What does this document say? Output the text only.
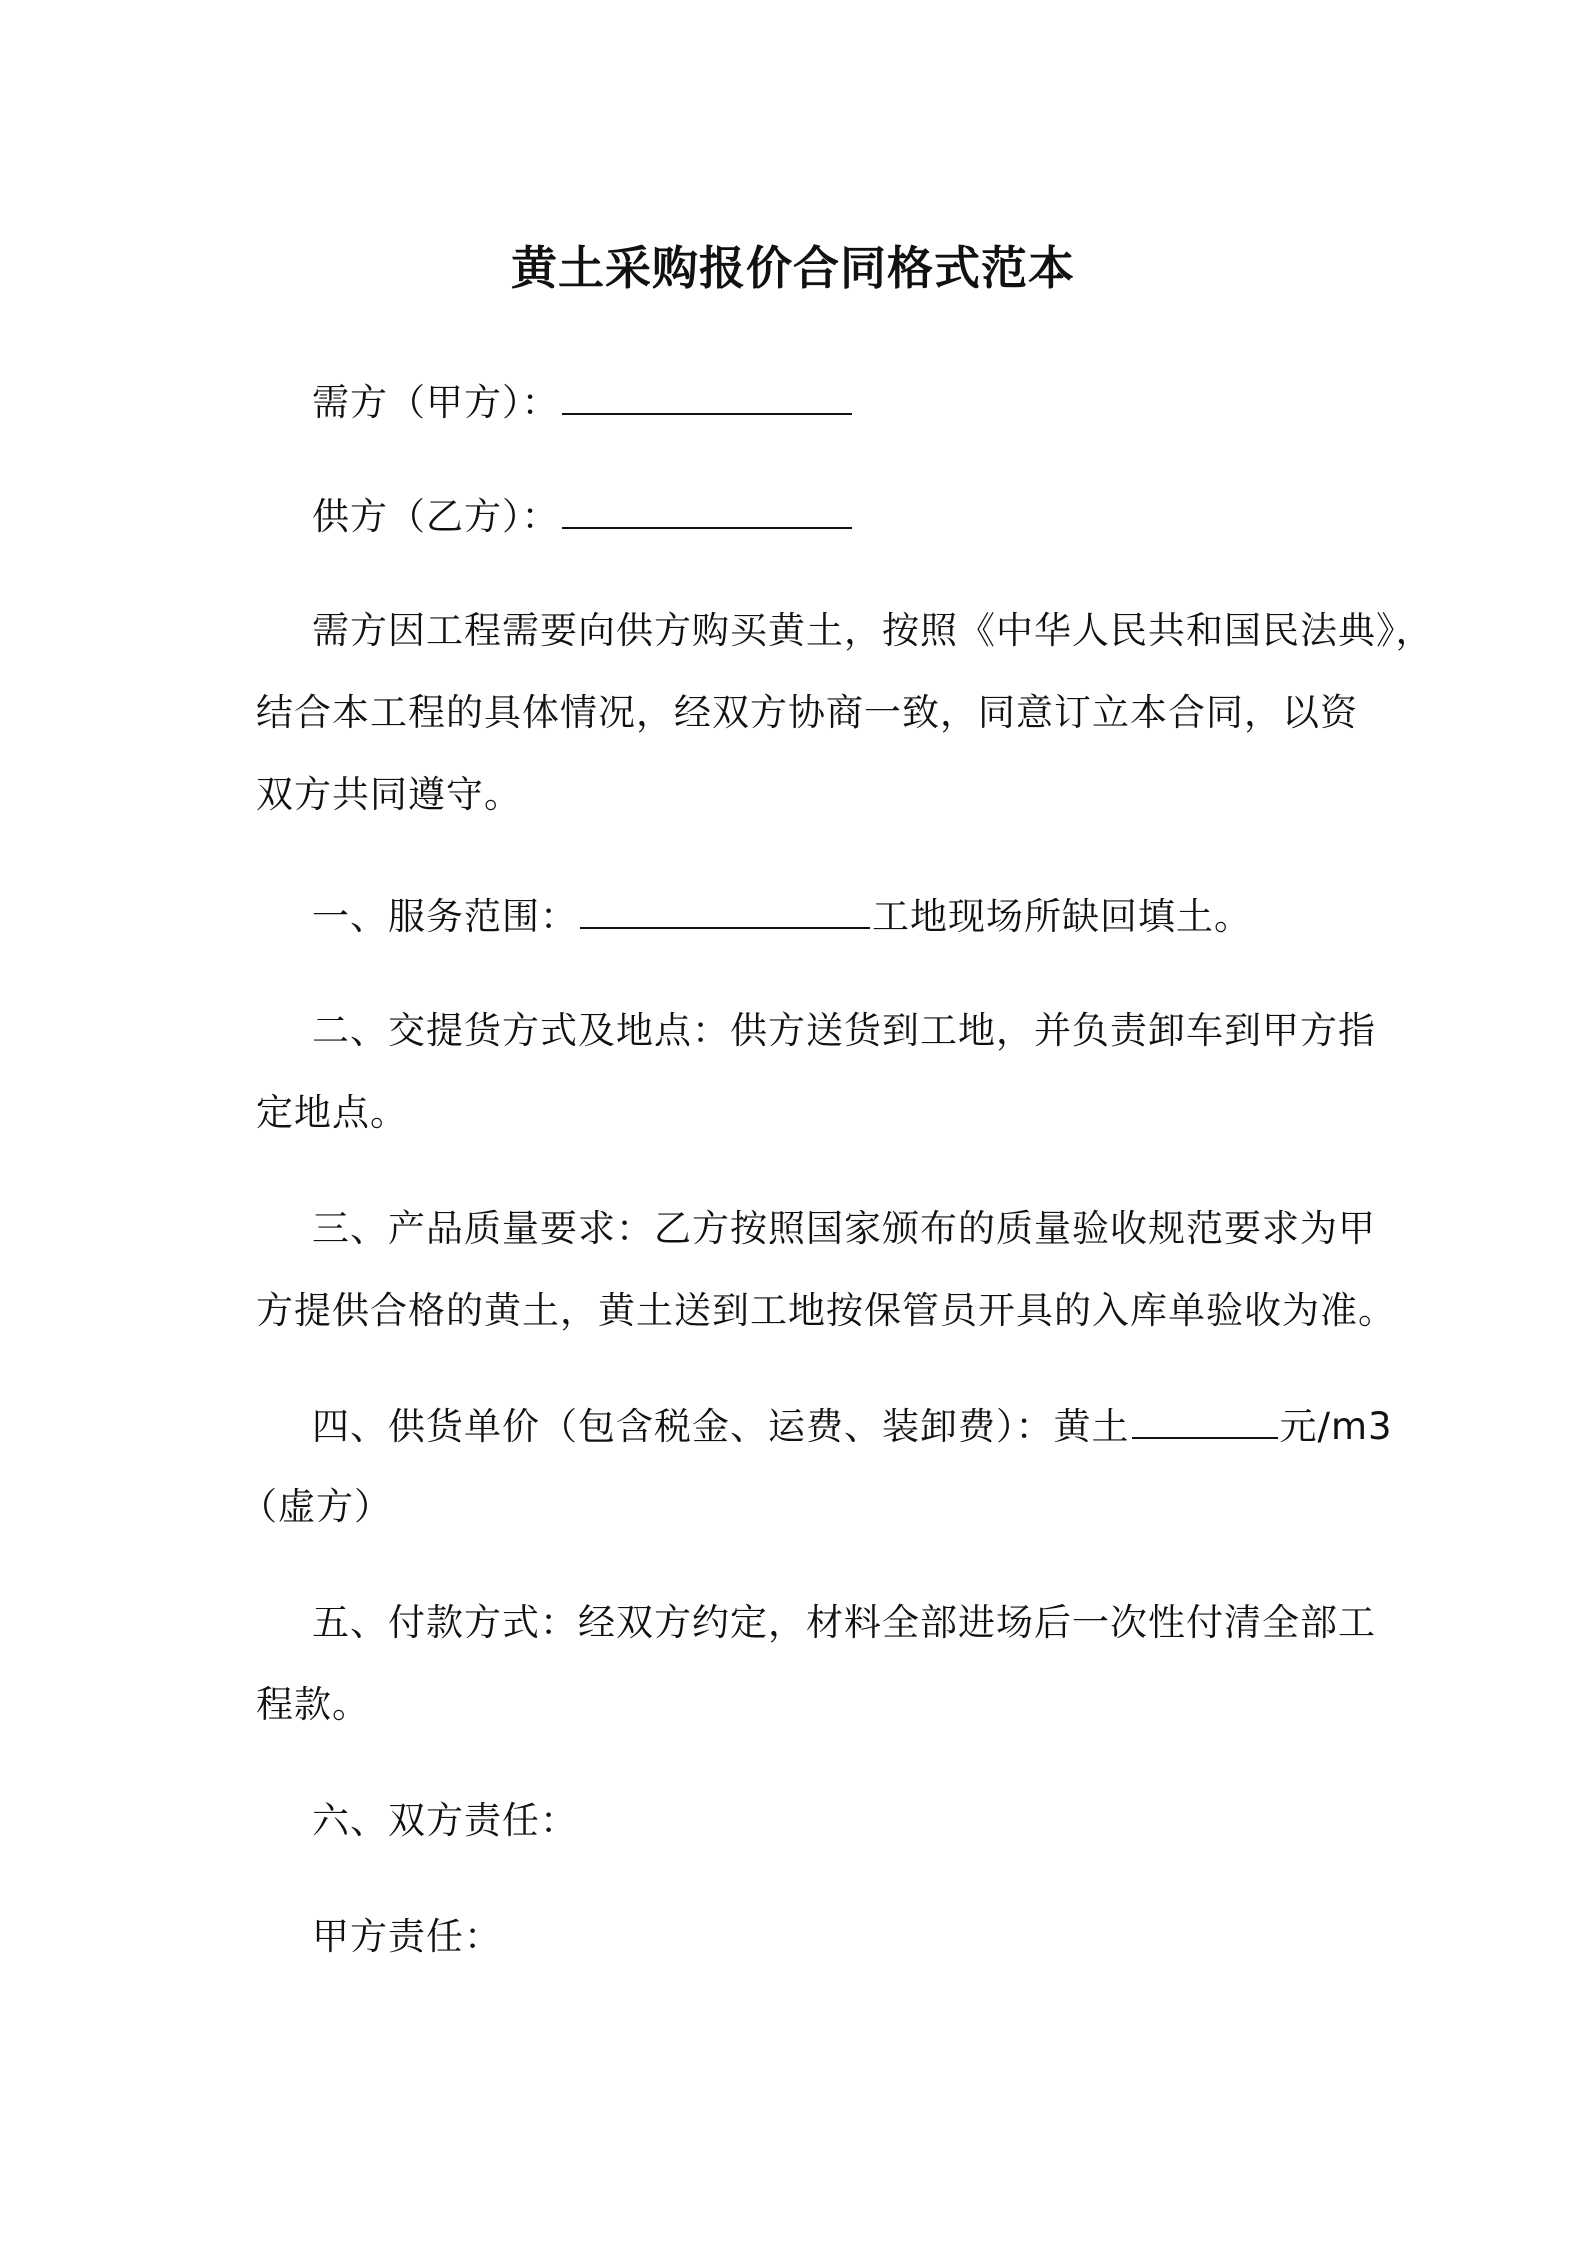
黄土采购报价合同格式范本
需方（甲方）：
供方（乙方）：
需方因工程需要向供方购买黄土，按照《中华人民共和国民法典》，
结合本工程的具体情况，经双方协商一致，同意订立本合同，以资
双方共同遵守。
一、服务范围：	工地现场所缺回填土。
二、交提货方式及地点：供方送货到工地，并负责卸车到甲方指
定地点。
三、产品质量要求：乙方按照国家颁布的质量验收规范要求为甲
方提供合格的黄土，黄土送到工地按保管员开具的入库单验收为准。
四、供货单价（包含税金、运费、装卸费）：黄土	元/m3
（虚方）
五、付款方式：经双方约定，材料全部进场后一次性付清全部工
程款。
六、双方责任：
甲方责任：
